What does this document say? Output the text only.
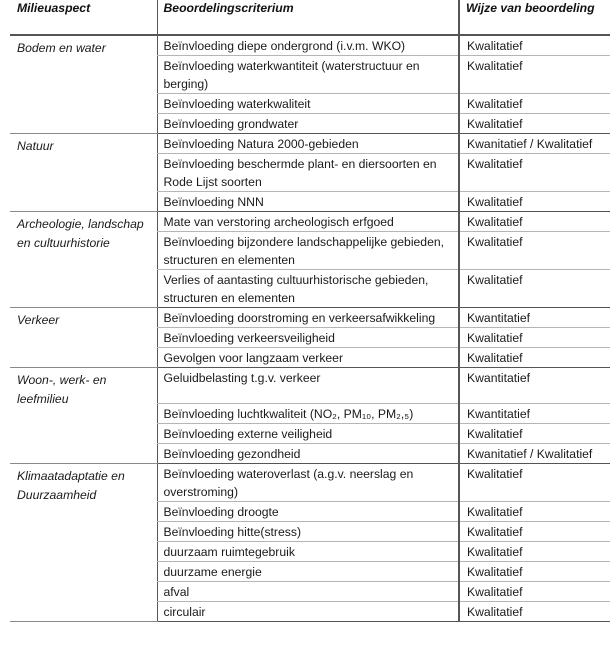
Milieuaspect	Beoordelingscriterium	Wijze van beoordeling
Bodem en water	Beïnvloeding diepe ondergrond (i.v.m. WKO)	Kwalitatief
	Beïnvloeding waterkwantiteit (waterstructuur en berging)	Kwalitatief
	Beïnvloeding waterkwaliteit	Kwalitatief
	Beïnvloeding grondwater	Kwalitatief
Natuur	Beïnvloeding Natura 2000-gebieden	Kwanitatief / Kwalitatief
	Beïnvloeding beschermde plant- en diersoorten en Rode Lijst soorten	Kwalitatief
	Beïnvloeding NNN	Kwalitatief
Archeologie, landschap en cultuurhistorie	Mate van verstoring archeologisch erfgoed	Kwalitatief
	Beïnvloeding bijzondere landschappelijke gebieden, structuren en elementen	Kwalitatief
	Verlies of aantasting cultuurhistorische gebieden, structuren en elementen	Kwalitatief
Verkeer	Beïnvloeding doorstroming en verkeersafwikkeling	Kwantitatief
	Beïnvloeding verkeersveiligheid	Kwalitatief
	Gevolgen voor langzaam verkeer	Kwalitatief
Woon-, werk- en leefmilieu	Geluidbelasting t.g.v. verkeer	Kwantitatief
	Beïnvloeding luchtkwaliteit (NO₂, PM₁₀, PM₂,₅)	Kwantitatief
	Beïnvloeding externe veiligheid	Kwalitatief
	Beïnvloeding gezondheid	Kwanitatief / Kwalitatief
Klimaatadaptatie en Duurzaamheid	Beïnvloeding wateroverlast (a.g.v. neerslag en overstroming)	Kwalitatief
	Beïnvloeding droogte	Kwalitatief
	Beïnvloeding hitte(stress)	Kwalitatief
	duurzaam ruimtegebruik	Kwalitatief
	duurzame energie	Kwalitatief
	afval	Kwalitatief
	circulair	Kwalitatief
